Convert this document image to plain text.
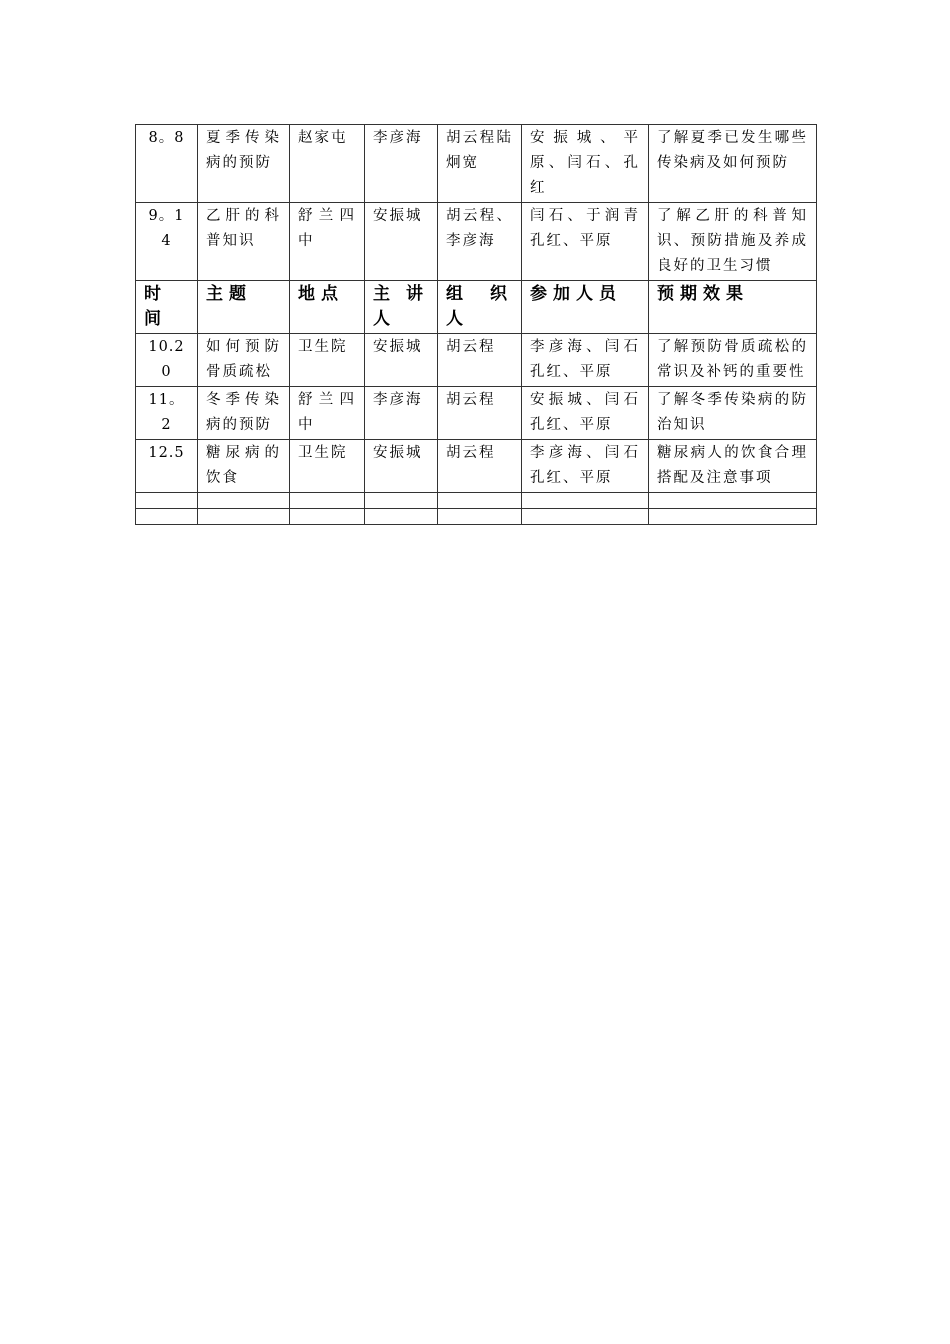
8。8	夏季传染病的预防	赵家屯	李彦海	胡云程陆炯宽	安振城、平原、闫石、孔红	了解夏季已发生哪些传染病及如何预防
9。14	乙肝的科普知识	舒兰四中	安振城	胡云程、李彦海	闫石、于润青孔红、平原	了解乙肝的科普知识、预防措施及养成良好的卫生习惯
时间	主题	地点	主讲人	组织人	参加人员	预期效果
10.20	如何预防骨质疏松	卫生院	安振城	胡云程	李彦海、闫石孔红、平原	了解预防骨质疏松的常识及补钙的重要性
11。2	冬季传染病的预防	舒兰四中	李彦海	胡云程	安振城、闫石孔红、平原	了解冬季传染病的防治知识
12.5	糖尿病的饮食	卫生院	安振城	胡云程	李彦海、闫石孔红、平原	糖尿病人的饮食合理搭配及注意事项
